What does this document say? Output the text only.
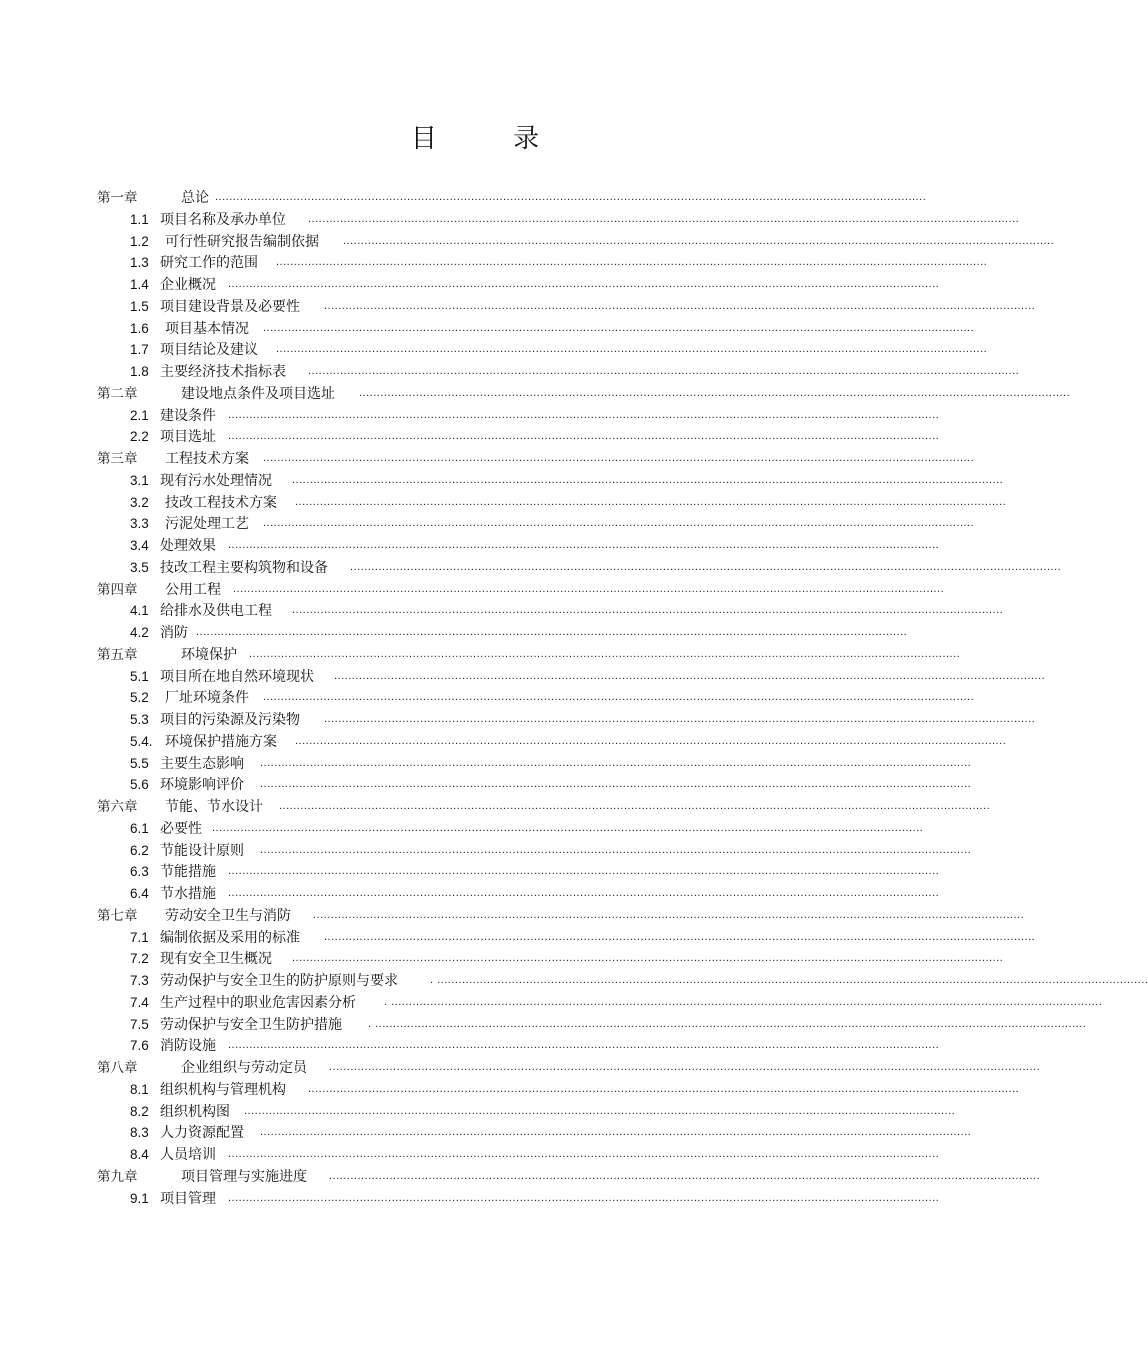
目 录
第一章	总论 ........................................................................................................................................................................................................
1.1 项目名称及承办单位 ........................................................................................................................................................................................................
1.2 可行性研究报告编制依据 ........................................................................................................................................................................................................
1.3 研究工作的范围 ........................................................................................................................................................................................................
1.4 企业概况 ........................................................................................................................................................................................................
1.5 项目建设背景及必要性 ........................................................................................................................................................................................................
1.6 项目基本情况 ........................................................................................................................................................................................................
1.7 项目结论及建议 ........................................................................................................................................................................................................
1.8 主要经济技术指标表 ........................................................................................................................................................................................................
第二章	建设地点条件及项目选址 ........................................................................................................................................................................................................
2.1 建设条件 ........................................................................................................................................................................................................
2.2 项目选址 ........................................................................................................................................................................................................
第三章 工程技术方案 ........................................................................................................................................................................................................
3.1 现有污水处理情况 ........................................................................................................................................................................................................
3.2 技改工程技术方案 ........................................................................................................................................................................................................
3.3 污泥处理工艺 ........................................................................................................................................................................................................
3.4 处理效果 ........................................................................................................................................................................................................
3.5 技改工程主要构筑物和设备 ........................................................................................................................................................................................................
第四章 公用工程 ........................................................................................................................................................................................................
4.1 给排水及供电工程 ........................................................................................................................................................................................................
4.2 消防 ........................................................................................................................................................................................................
第五章	环境保护 ........................................................................................................................................................................................................
5.1 项目所在地自然环境现状 ........................................................................................................................................................................................................
5.2 厂址环境条件 ........................................................................................................................................................................................................
5.3 项目的污染源及污染物 ........................................................................................................................................................................................................
5.4. 环境保护措施方案 ........................................................................................................................................................................................................
5.5 主要生态影响 ........................................................................................................................................................................................................
5.6 环境影响评价 ........................................................................................................................................................................................................
第六章 节能、节水设计 ........................................................................................................................................................................................................
6.1 必要性 ........................................................................................................................................................................................................
6.2 节能设计原则 ........................................................................................................................................................................................................
6.3 节能措施 ........................................................................................................................................................................................................
6.4 节水措施 ........................................................................................................................................................................................................
第七章 劳动安全卫生与消防 ........................................................................................................................................................................................................
7.1 编制依据及采用的标准 ........................................................................................................................................................................................................
7.2 现有安全卫生概况 ........................................................................................................................................................................................................
7.3 劳动保护与安全卫生的防护原则与要求	. ........................................................................................................................................................................................................
7.4 生产过程中的职业危害因素分析	. ........................................................................................................................................................................................................
7.5 劳动保护与安全卫生防护措施 . ........................................................................................................................................................................................................
7.6 消防设施 ........................................................................................................................................................................................................
第八章	企业组织与劳动定员 ........................................................................................................................................................................................................
8.1 组织机构与管理机构 ........................................................................................................................................................................................................
8.2 组织机构图 ........................................................................................................................................................................................................
8.3 人力资源配置 ........................................................................................................................................................................................................
8.4 人员培训 ........................................................................................................................................................................................................
第九章	项目管理与实施进度 ........................................................................................................................................................................................................
9.1 项目管理 ........................................................................................................................................................................................................
